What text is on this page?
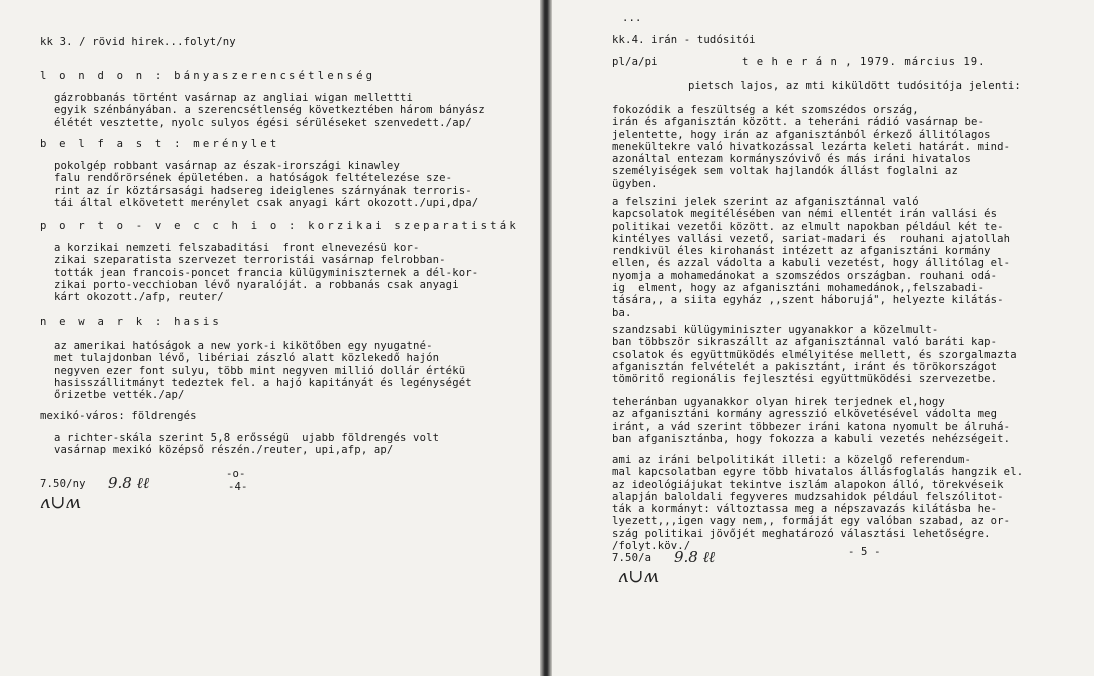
kk 3. / rövid hirek...folyt/ny

l o n d o n : bányaszerencsétlenség

gázrobbanás történt vasárnap az angliai wigan mellettti
egyik szénbányában. a szerencsétlenség következtében három bányász
élétét vesztette, nyolc sulyos égési sérüléseket szenvedett./ap/

b e l f a s t : merénylet

pokolgép robbant vasárnap az észak-irországi kinawley
falu rendőrörsének épületében. a hatóságok feltételezése sze-
rint az ír köztársasági hadsereg ideiglenes szárnyának terroris-
tái által elkövetett merénylet csak anyagi kárt okozott./upi,dpa/

p o r t o - v e c c h i o : korzikai szeparatisták

a korzikai nemzeti felszabaditási  front elnevezésü kor-
zikai szeparatista szervezet terroristái vasárnap felrobban-
tották jean francois-poncet francia külügyminiszternek a dél-kor-
zikai porto-vecchioban lévő nyaralóját. a robbanás csak anyagi
kárt okozott./afp, reuter/

n e w a r k : hasis

az amerikai hatóságok a new york-i kikötőben egy nyugatné-
met tulajdonban lévő, libériai zászló alatt közlekedő hajón
negyven ezer font sulyu, több mint negyven millió dollár értékü
hasisszállitmányt tedeztek fel. a hajó kapitányát és legénységét
őrizetbe vették./ap/

mexikó-város: földrengés

a richter-skála szerint 5,8 erősségü  ujabb földrengés volt
vasárnap mexikó középső részén./reuter, upi,afp, ap/

-o-

-4-

7.50/ny 9.8 ℓℓ
ʌ∪ʍ

...

kk.4. irán - tudósitói

pl/a/pi	t e h e r á n , 1979. március 19.

pietsch lajos, az mti kiküldött tudósitója jelenti:

fokozódik a feszültség a két szomszédos ország,
irán és afganisztán között. a teheráni rádió vasárnap be-
jelentette, hogy irán az afganisztánból érkező állitólagos
menekültekre való hivatkozással lezárta keleti határát. mind-
azonáltal entezam kormányszóvivő és más iráni hivatalos
személyiségek sem voltak hajlandók állást foglalni az
ügyben.

a felszini jelek szerint az afganisztánnal való
kapcsolatok megitélésében van némi ellentét irán vallási és
politikai vezetői között. az elmult napokban például két te-
kintélyes vallási vezető, sariat-madari és  rouhani ajatollah
rendkivül éles kirohanást intézett az afganisztáni kormány
ellen, és azzal vádolta a kabuli vezetést, hogy állitólag el-
nyomja a mohamedánokat a szomszédos országban. rouhani odá-
ig  elment, hogy az afganisztáni mohamedánok,,felszabadi-
tására,, a siita egyház ,,szent háborujá", helyezte kilátás-
ba.

szandzsabi külügyminiszter ugyanakkor a közelmult-
ban többször sikraszállt az afganisztánnal való baráti kap-
csolatok és együttmüködés elmélyitése mellett, és szorgalmazta
afganisztán felvételét a pakisztánt, iránt és törökországot
tömöritő regionális fejlesztési együttmüködési szervezetbe.

teheránban ugyanakkor olyan hirek terjednek el,hogy
az afganisztáni kormány agresszió elkövetésével vádolta meg
iránt, a vád szerint többezer iráni katona nyomult be álruhá-
ban afganisztánba, hogy fokozza a kabuli vezetés nehézségeit.

ami az iráni belpolitikát illeti: a közelgő referendum-
mal kapcsolatban egyre több hivatalos állásfoglalás hangzik el.
az ideológiájukat tekintve iszlám alapokon álló, törekvéseik
alapján baloldali fegyveres mudzsahidok például felszólitot-
ták a kormányt: változtassa meg a népszavazás kilátásba he-
lyezett,,,igen vagy nem,, formáját egy valóban szabad, az or-
szág politikai jövőjét meghatározó választási lehetőségre.
/folyt.köv./

7.50/a 9.8 ℓℓ
ʌ∪ʍ

- 5 -
